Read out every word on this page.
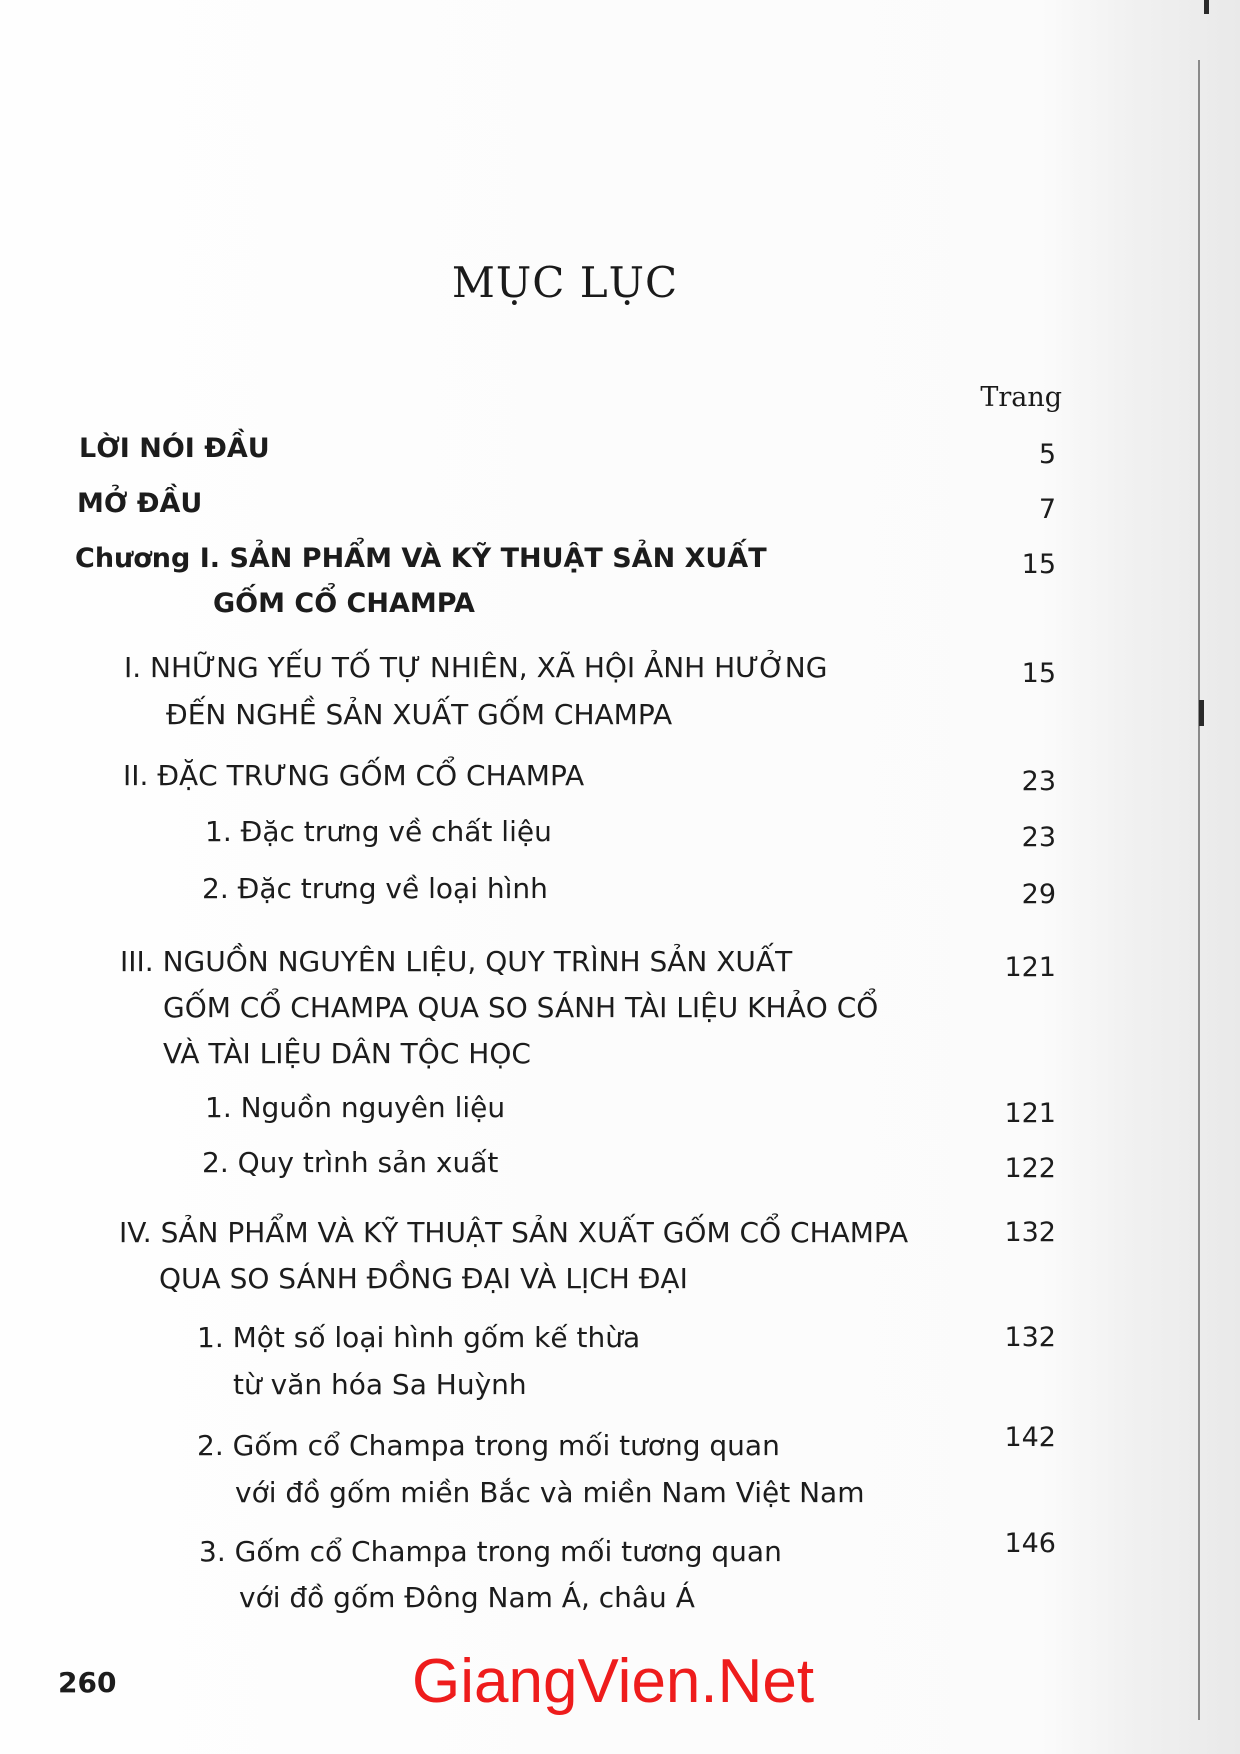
MỤC LỤC
Trang
LỜI NÓI ĐẦU	5
MỞ ĐẦU	7
Chương I. SẢN PHẨM VÀ KỸ THUẬT SẢN XUẤT
GỐM CỔ CHAMPA
15
I. NHỮNG YẾU TỐ TỰ NHIÊN, XÃ HỘI ẢNH HƯỞNG
ĐẾN NGHỀ SẢN XUẤT GỐM CHAMPA
15
II. ĐẶC TRƯNG GỐM CỔ CHAMPA	23
1. Đặc trưng về chất liệu	23
2. Đặc trưng về loại hình	29
III. NGUỒN NGUYÊN LIỆU, QUY TRÌNH SẢN XUẤT
GỐM CỔ CHAMPA QUA SO SÁNH TÀI LIỆU KHẢO CỔ
VÀ TÀI LIỆU DÂN TỘC HỌC
121
1. Nguồn nguyên liệu	121
2. Quy trình sản xuất	122
IV. SẢN PHẨM VÀ KỸ THUẬT SẢN XUẤT GỐM CỔ CHAMPA
QUA SO SÁNH ĐỒNG ĐẠI VÀ LỊCH ĐẠI
132
1. Một số loại hình gốm kế thừa
từ văn hóa Sa Huỳnh
132
2. Gốm cổ Champa trong mối tương quan
với đồ gốm miền Bắc và miền Nam Việt Nam
142
3. Gốm cổ Champa trong mối tương quan
với đồ gốm Đông Nam Á, châu Á
146
260	GiangVien.Net
